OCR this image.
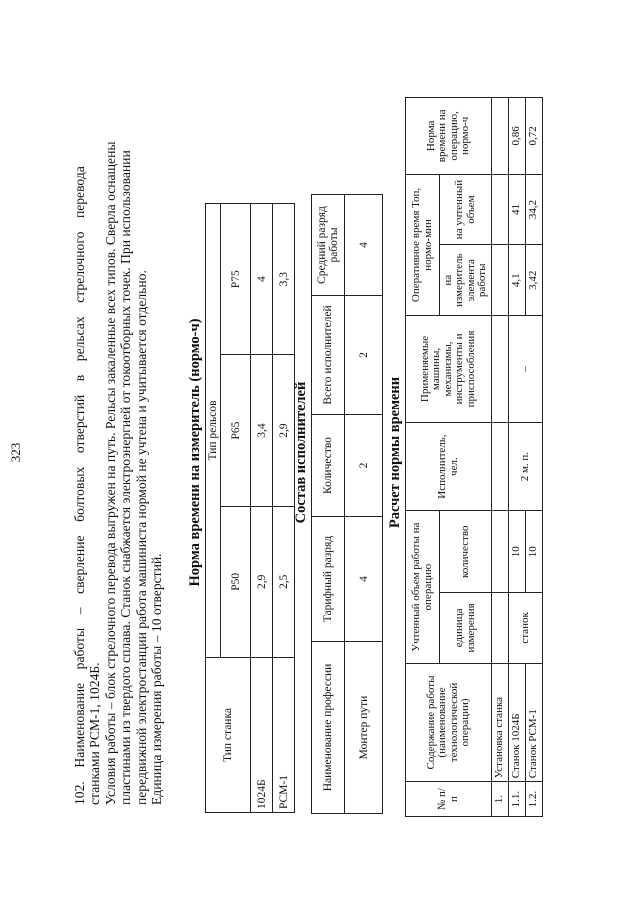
323	102.    Наименование    работы    –    сверление    болтовых    отверстий    в    рельсах    стрелочного    перевода станками РСМ-1, 1024Б. Условия работы – блок стрелочного перевода выгружен на путь. Рельсы закаленные всех типов. Сверла оснащены пластинами из твердого сплава. Станок снабжается электроэнергией от токоотборных точек. При использовании передвижной электростанции работа машиниста нормой не учтена и учитывается отдельно. Единица измерения работы – 10 отверстий.

Норма времени на измеритель (нормо-ч)
Тип станка	Тип рельсов		
	Р50	Р65	Р75
1024Б	2,9	3,4	4
РСМ-1	2,5	2,9	3,3
Состав исполнителей
Наименование профессии	Тарифный разряд	Количество	Всего исполнителей	Средний разряд работы
Монтер пути	4	2	2	4
Расчет нормы времени
№ п/п	Содержание работы (наименование технологической операции)	Учтенный объем работы на операцию		Исполнитель, чел.	Применяемые машины, механизмы, инструменты и приспособления	Оперативное время Топ, нормо-мин		Норма времени на операцию, нормо-ч
		единица измерения	количество			на измеритель элемента работы	на учтенный объем	
1.	Установка станка							
1.1.	Станок 1024Б	станок	10	2 м. п.	–	4,1	41	0,86
1.2.	Станок РСМ-1		10			3,42	34,2	0,72
